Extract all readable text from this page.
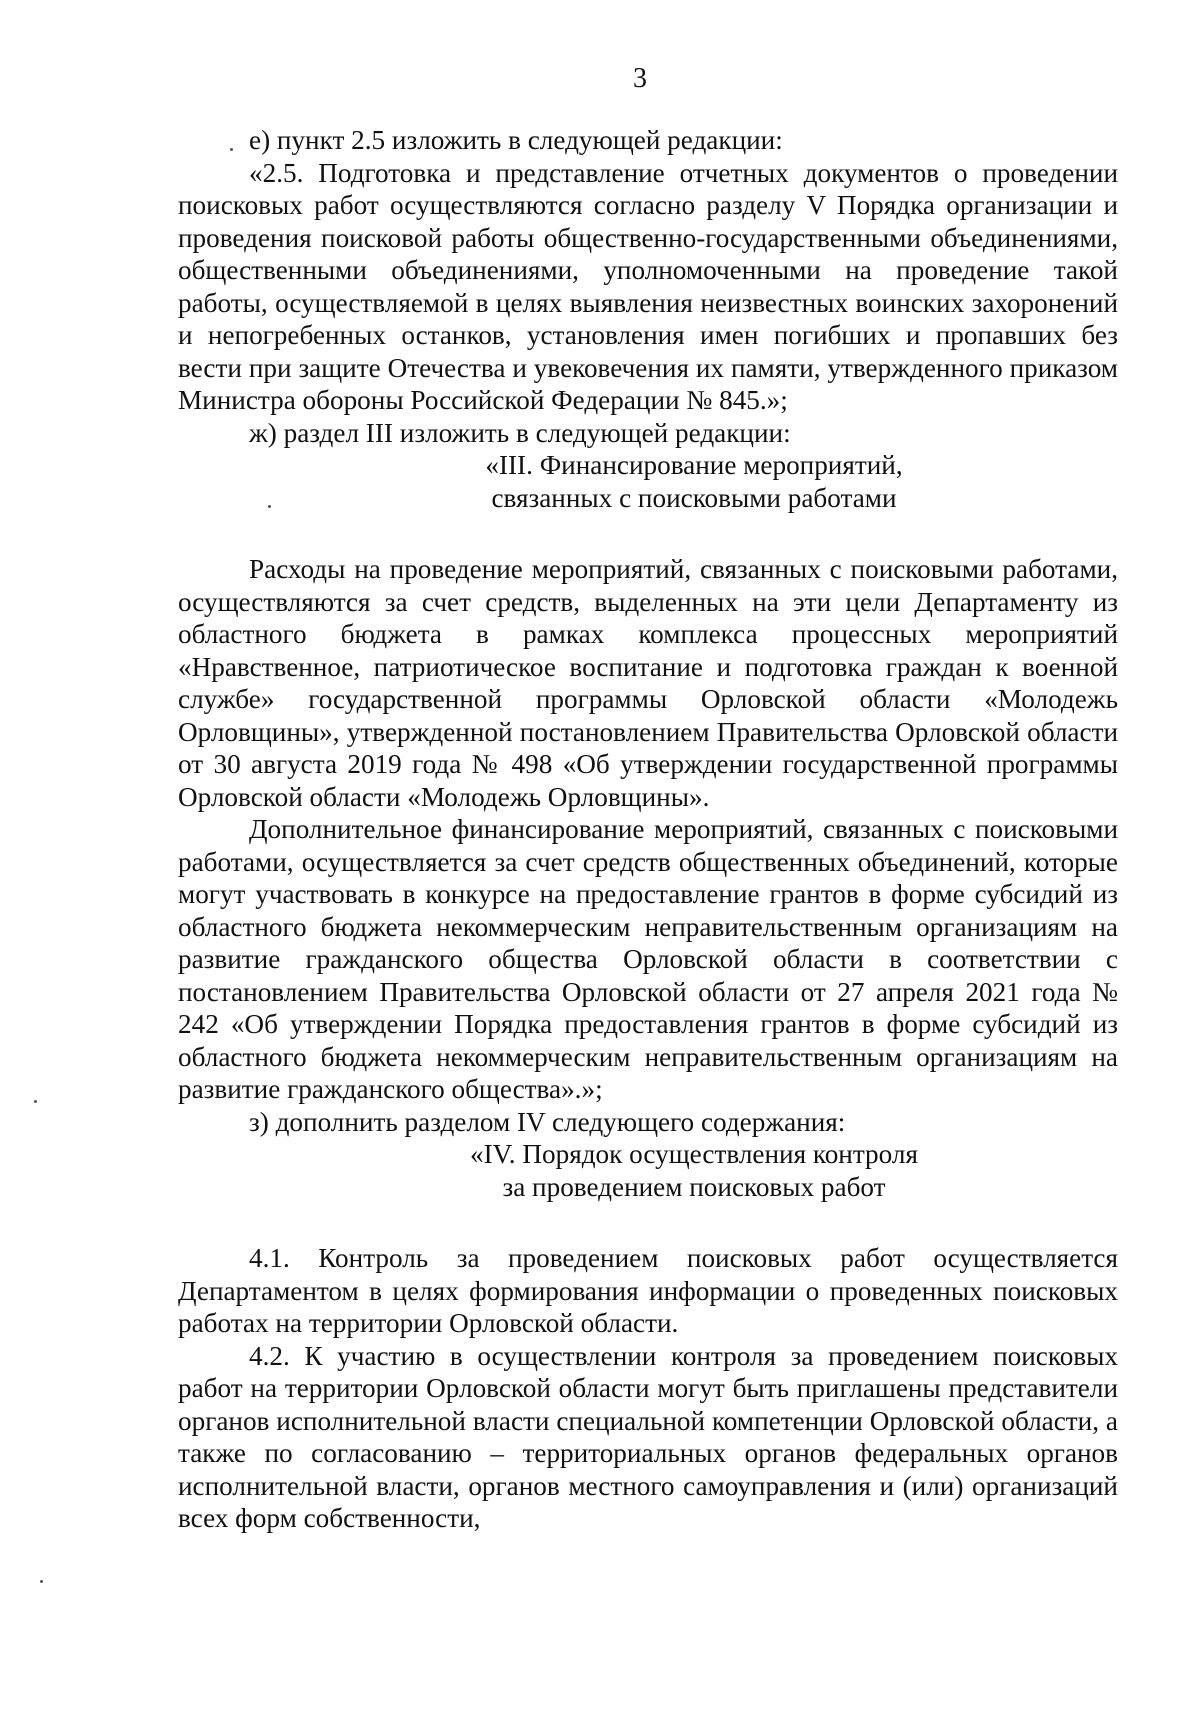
3

е) пункт 2.5 изложить в следующей редакции:

«2.5. Подготовка и представление отчетных документов о проведении поисковых работ осуществляются согласно разделу V Порядка организации и проведения поисковой работы общественно-государственными объединениями, общественными объединениями, уполномоченными на проведение такой работы, осуществляемой в целях выявления неизвестных воинских захоронений и непогребенных останков, установления имен погибших и пропавших без вести при защите Отечества и увековечения их памяти, утвержденного приказом Министра обороны Российской Федерации № 845.»;

ж) раздел III изложить в следующей редакции:

«III. Финансирование мероприятий,
связанных с поисковыми работами

Расходы на проведение мероприятий, связанных с поисковыми работами, осуществляются за счет средств, выделенных на эти цели Департаменту из областного бюджета в рамках комплекса процессных мероприятий «Нравственное, патриотическое воспитание и подготовка граждан к военной службе» государственной программы Орловской области «Молодежь Орловщины», утвержденной постановлением Правительства Орловской области от 30 августа 2019 года № 498 «Об утверждении государственной программы Орловской области «Молодежь Орловщины».

Дополнительное финансирование мероприятий, связанных с поисковыми работами, осуществляется за счет средств общественных объединений, которые могут участвовать в конкурсе на предоставление грантов в форме субсидий из областного бюджета некоммерческим неправительственным организациям на развитие гражданского общества Орловской области в соответствии с постановлением Правительства Орловской области от 27 апреля 2021 года № 242 «Об утверждении Порядка предоставления грантов в форме субсидий из областного бюджета некоммерческим неправительственным организациям на развитие гражданского общества».»;

з) дополнить разделом IV следующего содержания:

«IV. Порядок осуществления контроля
за проведением поисковых работ

4.1. Контроль за проведением поисковых работ осуществляется Департаментом в целях формирования информации о проведенных поисковых работах на территории Орловской области.

4.2. К участию в осуществлении контроля за проведением поисковых работ на территории Орловской области могут быть приглашены представители органов исполнительной власти специальной компетенции Орловской области, а также по согласованию – территориальных органов федеральных органов исполнительной власти, органов местного самоуправления и (или) организаций всех форм собственности,
